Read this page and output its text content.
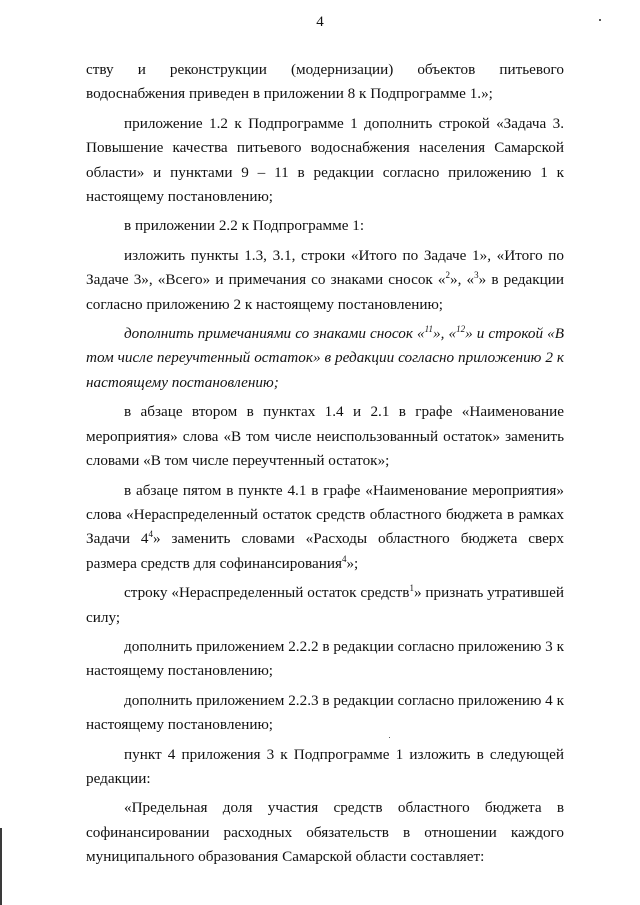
4

ству и реконструкции (модернизации) объектов питьевого водоснабжения приведен в приложении 8 к Подпрограмме 1.»;

приложение 1.2 к Подпрограмме 1 дополнить строкой «Задача 3. Повышение качества питьевого водоснабжения населения Самарской области» и пунктами 9 – 11 в редакции согласно приложению 1 к настоящему постановлению;

в приложении 2.2 к Подпрограмме 1:

изложить пункты 1.3, 3.1, строки «Итого по Задаче 1», «Итого по Задаче 3», «Всего» и примечания со знаками сносок «$^2$», «$^3$» в редакции согласно приложению 2 к настоящему постановлению;

дополнить примечаниями со знаками сносок «$^{11}$», «$^{12}$» и строкой «В том числе переучтенный остаток» в редакции согласно приложению 2 к настоящему постановлению;

в абзаце втором в пунктах 1.4 и 2.1 в графе «Наименование мероприятия» слова «В том числе неиспользованный остаток» заменить словами «В том числе переучтенный остаток»;

в абзаце пятом в пункте 4.1 в графе «Наименование мероприятия» слова «Нераспределенный остаток средств областного бюджета в рамках Задачи $4^4$» заменить словами «Расходы областного бюджета сверх размера средств для софинансирования$^4$»;

строку «Нераспределенный остаток средств$^1$» признать утратившей силу;

дополнить приложением 2.2.2 в редакции согласно приложению 3 к настоящему постановлению;

дополнить приложением 2.2.3 в редакции согласно приложению 4 к настоящему постановлению;

пункт 4 приложения 3 к Подпрограмме 1 изложить в следующей редакции:

«Предельная доля участия средств областного бюджета в софинансировании расходных обязательств в отношении каждого муниципального образования Самарской области составляет:
